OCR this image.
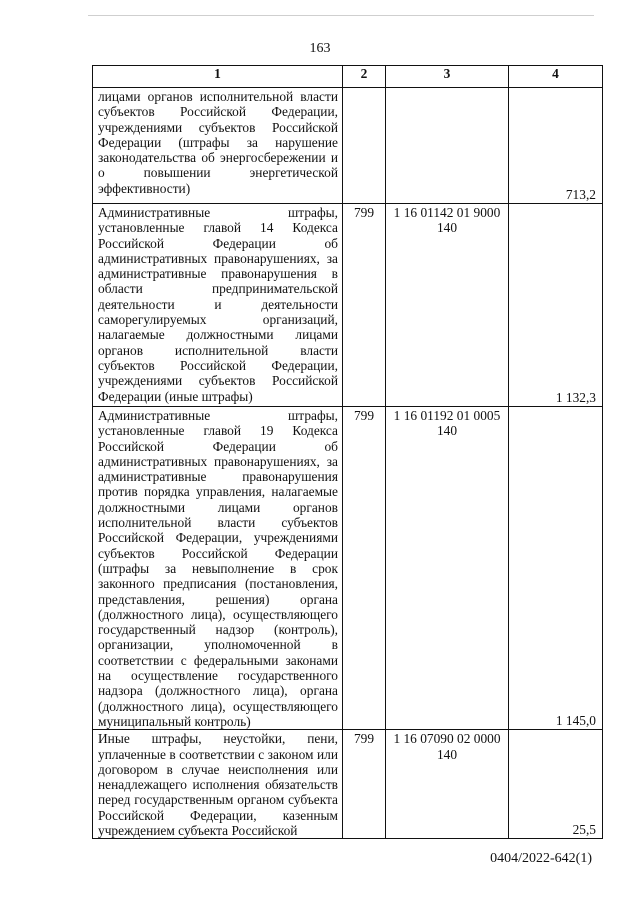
163
1	2	3	4
лицами органов исполнительной власти субъектов Российской Федерации, учреждениями субъектов Российской Федерации (штрафы за нарушение законодательства об энергосбережении и о повышении энергетической эффективности)			713,2
Административные штрафы, установленные главой 14 Кодекса Российской Федерации об административных правонарушениях, за административные правонарушения в области предпринимательской деятельности и деятельности саморегулируемых организаций, налагаемые должностными лицами органов исполнительной власти субъектов Российской Федерации, учреждениями субъектов Российской Федерации (иные штрафы)	799	1 16 01142 01 9000 140	1 132,3
Административные штрафы, установленные главой 19 Кодекса Российской Федерации об административных правонарушениях, за административные правонарушения против порядка управления, налагаемые должностными лицами органов исполнительной власти субъектов Российской Федерации, учреждениями субъектов Российской Федерации (штрафы за невыполнение в срок законного предписания (постановления, представления, решения) органа (должностного лица), осуществляющего государственный надзор (контроль), организации, уполномоченной в соответствии с федеральными законами на осуществление государственного надзора (должностного лица), органа (должностного лица), осуществляющего муниципальный контроль)	799	1 16 01192 01 0005 140	1 145,0
Иные штрафы, неустойки, пени, уплаченные в соответствии с законом или договором в случае неисполнения или ненадлежащего исполнения обязательств перед государственным органом субъекта Российской Федерации, казенным учреждением субъекта Российской	799	1 16 07090 02 0000 140	25,5
0404/2022-642(1)
